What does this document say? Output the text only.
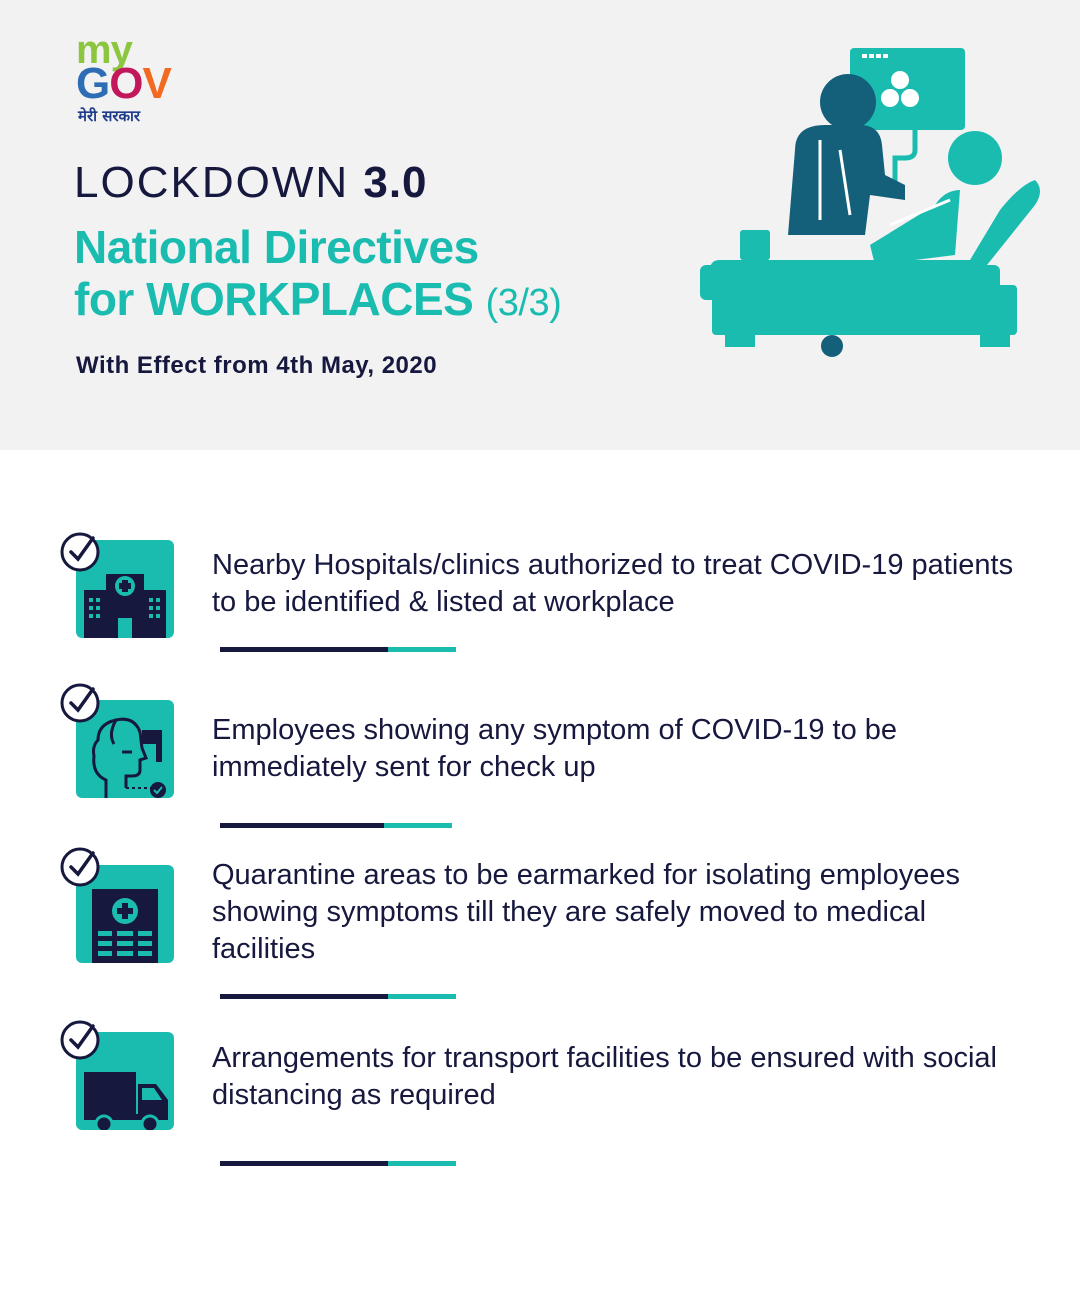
my
GOV
मेरी सरकार
LOCKDOWN 3.0
National Directives
for WORKPLACES (3/3)
With Effect from 4th May, 2020
Nearby Hospitals/clinics authorized to treat COVID-19 patients to be identified & listed at workplace
Employees showing any symptom of COVID-19 to be immediately sent for check up
Quarantine areas to be earmarked for isolating employees showing symptoms till they are safely moved to medical facilities
Arrangements for transport facilities to be ensured with social distancing as required
